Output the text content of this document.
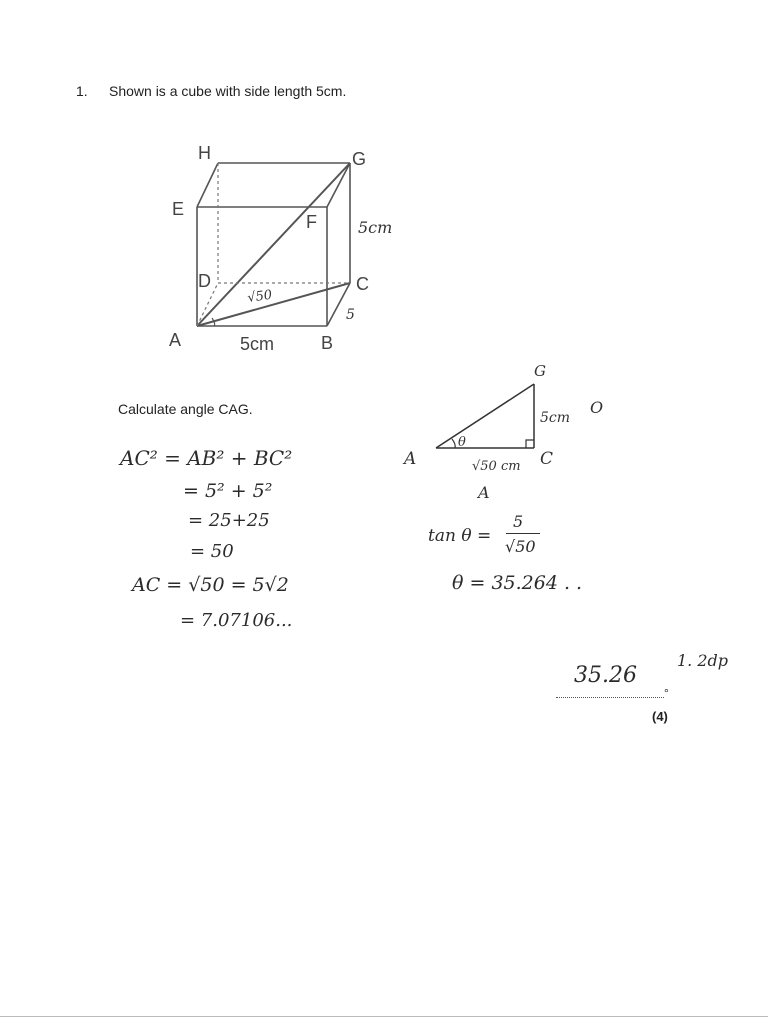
1. Shown is a cube with side length 5cm.
H	G
E
F
D	C
A	B
5cm
5cm
5
√50
Calculate angle CAG.
G
A	C
θ
5cm
O
√50 cm
A
AC² = AB² + BC²
= 5² + 5²
= 25+25
= 50
AC = √50 = 5√2
= 7.07106...
tan θ =
5
√50
θ = 35.264 . .
35.26
1. 2dp
°
(4)
